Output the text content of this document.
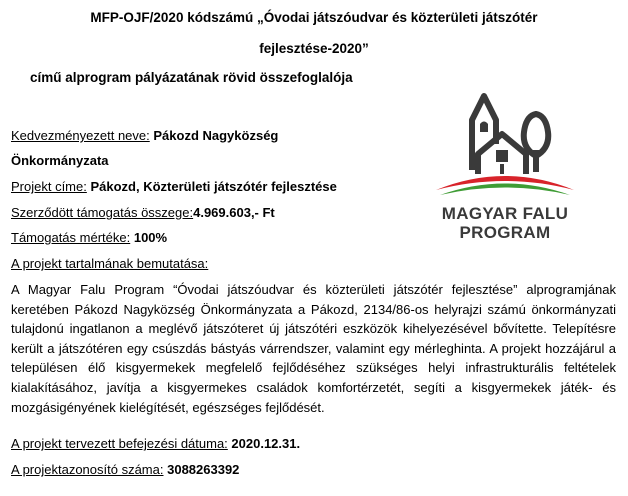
MFP-OJF/2020 kódszámú „Óvodai játszóudvar és közterületi játszótér
fejlesztése-2020”
című alprogram pályázatának rövid összefoglalója
Kedvezményezett neve: Pákozd Nagyközség
Önkormányzata
Projekt címe: Pákozd, Közterületi játszótér fejlesztése
Szerződött támogatás összege:4.969.603,- Ft
Támogatás mértéke: 100%
A projekt tartalmának bemutatása:
A Magyar Falu Program “Óvodai játszóudvar és közterületi játszótér fejlesztése” alprogramjának keretében Pákozd Nagyközség Önkormányzata a Pákozd, 2134/86-os helyrajzi számú önkormányzati tulajdonú ingatlanon a meglévő játszóteret új játszótéri eszközök kihelyezésével bővítette. Telepítésre került a játszótéren egy csúszdás bástyás várrendszer, valamint egy mérleghinta. A projekt hozzájárul a településen élő kisgyermekek megfelelő fejlődéséhez szükséges helyi infrastrukturális feltételek kialakításához, javítja a kisgyermekes családok komfortérzetét, segíti a kisgyermekek játék- és mozgásigényének kielégítését, egészséges fejlődését.
A projekt tervezett befejezési dátuma: 2020.12.31.
A projektazonosító száma: 3088263392
MAGYAR FALU
PROGRAM
